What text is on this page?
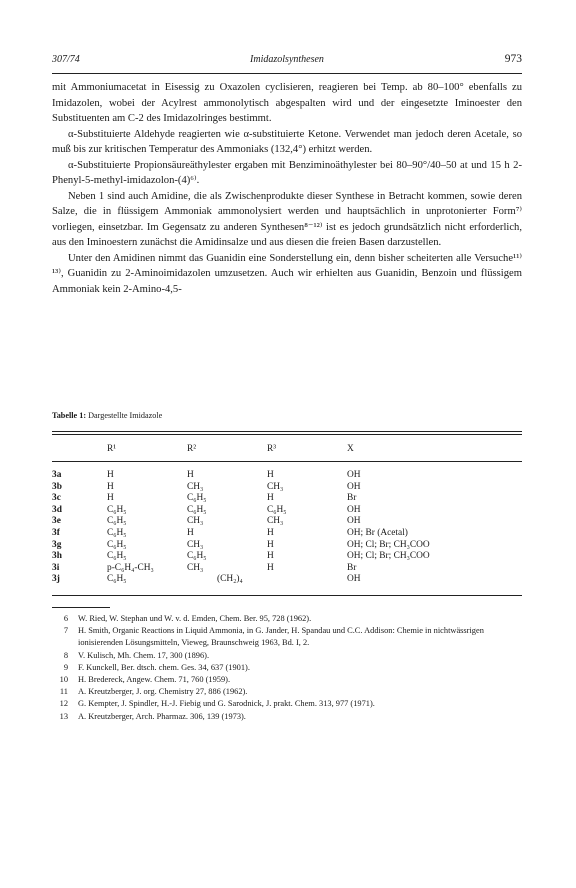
307/74	Imidazolsynthesen	973

mit Ammoniumacetat in Eisessig zu Oxazolen cyclisieren, reagieren bei Temp. ab 80–100° ebenfalls zu Imidazolen, wobei der Acylrest ammonolytisch abgespalten wird und der eingesetzte Iminoester den Substituenten am C-2 des Imidazolringes bestimmt.

α-Substituierte Aldehyde reagierten wie α-substituierte Ketone. Verwendet man jedoch deren Acetale, so muß bis zur kritischen Temperatur des Ammoniaks (132,4°) erhitzt werden.

α-Substituierte Propionsäureäthylester ergaben mit Benziminoäthylester bei 80–90°/40–50 at und 15 h 2-Phenyl-5-methyl-imidazolon-(4)⁶⁾.

Neben 1 sind auch Amidine, die als Zwischenprodukte dieser Synthese in Betracht kommen, sowie deren Salze, die in flüssigem Ammoniak ammonolysiert werden und hauptsächlich in unprotonierter Form⁷⁾ vorliegen, einsetzbar. Im Gegensatz zu anderen Synthesen⁸⁻¹²⁾ ist es jedoch grundsätzlich nicht erforderlich, aus den Iminoestern zunächst die Amidinsalze und aus diesen die freien Basen darzustellen.

Unter den Amidinen nimmt das Guanidin eine Sonderstellung ein, denn bisher scheiterten alle Versuche¹¹⁾¹³⁾, Guanidin zu 2-Aminoimidazolen umzusetzen. Auch wir erhielten aus Guanidin, Benzoin und flüssigem Ammoniak kein 2-Amino-4,5-

Tabelle 1: Dargestellte Imidazole
	R¹	R²	R³	X

3a	H	H	H	OH
3b	H	CH₃	CH₃	OH
3c	H	C₆H₅	H	Br
3d	C₆H₅	C₆H₅	C₆H₅	OH
3e	C₆H₅	CH₃	CH₃	OH
3f	C₆H₅	H	H	OH; Br (Acetal)
3g	C₆H₅	CH₃	H	OH; Cl; Br; CH₃COO
3h	C₆H₅	C₆H₅	H	OH; Cl; Br; CH₃COO
3i	p-C₆H₄-CH₃	CH₃	H	Br
3j	C₆H₅	(CH₂)₄		OH
6 W. Ried, W. Stephan und W. v. d. Emden, Chem. Ber. 95, 728 (1962).
7 H. Smith, Organic Reactions in Liquid Ammonia, in G. Jander, H. Spandau und C.C. Addison: Chemie in nichtwässrigen ionisierenden Lösungsmitteln, Vieweg, Braunschweig 1963, Bd. I, 2.
8 V. Kulisch, Mh. Chem. 17, 300 (1896).
9 F. Kunckell, Ber. dtsch. chem. Ges. 34, 637 (1901).
10 H. Bredereck, Angew. Chem. 71, 760 (1959).
11 A. Kreutzberger, J. org. Chemistry 27, 886 (1962).
12 G. Kempter, J. Spindler, H.-J. Fiebig und G. Sarodnick, J. prakt. Chem. 313, 977 (1971).
13 A. Kreutzberger, Arch. Pharmaz. 306, 139 (1973).
